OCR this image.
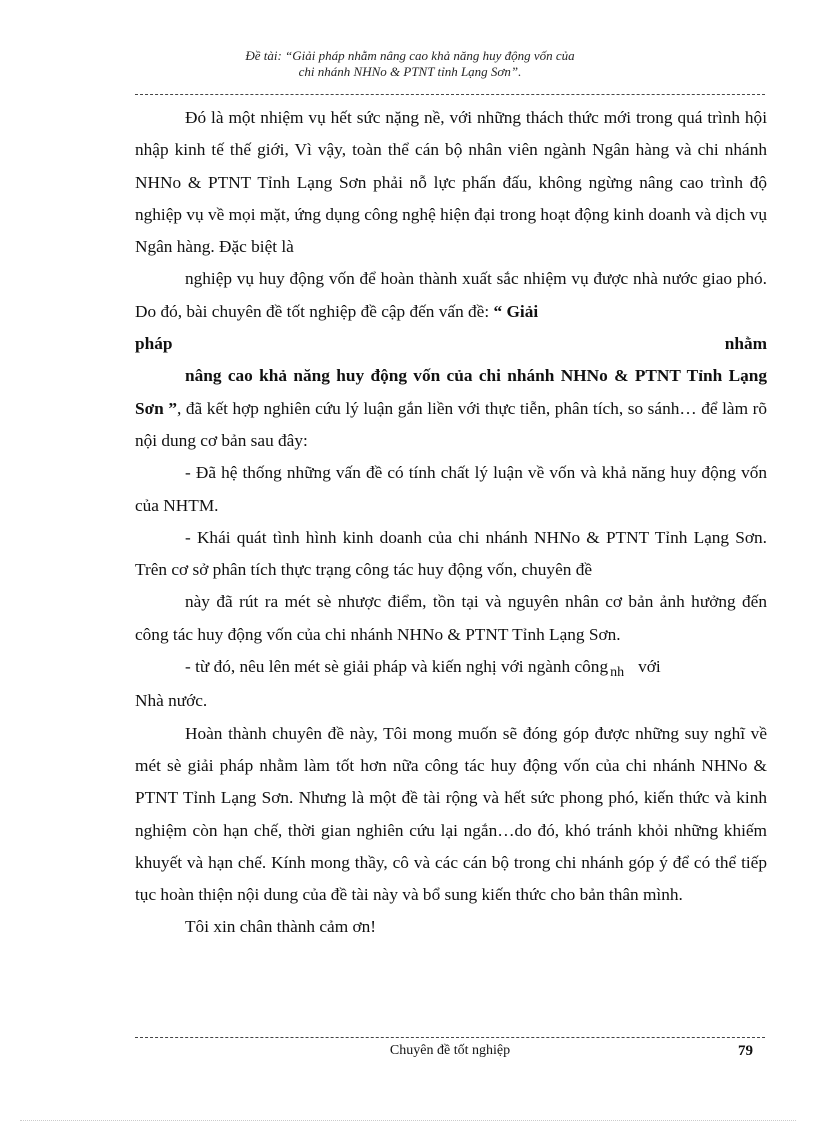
Đề tài: “Giải pháp nhằm nâng cao khả năng huy động vốn của
chi nhánh NHNo & PTNT tỉnh Lạng Sơn”.

Đó là một nhiệm vụ hết sức nặng nề, với những thách thức mới trong quá trình hội nhập kinh tế thế giới, Vì vậy, toàn thể cán bộ nhân viên ngành Ngân hàng và chi nhánh NHNo & PTNT Tỉnh Lạng Sơn phải nỗ lực phấn đấu, không ngừng nâng cao trình độ nghiệp vụ về mọi mặt, ứng dụng công nghệ hiện đại trong hoạt động kinh doanh và dịch vụ Ngân hàng. Đặc biệt là

nghiệp vụ huy động vốn để hoàn thành xuất sắc nhiệm vụ được nhà nước giao phó. Do đó, bài chuyên đề tốt nghiệp đề cập đến vấn đề: “ Giải

pháp	nhằm

nâng cao khả năng huy động vốn của chi nhánh NHNo & PTNT Tỉnh Lạng Sơn ”, đã kết hợp nghiên cứu lý luận gắn liền với thực tiễn, phân tích, so sánh… để làm rõ nội dung cơ bản sau đây:

- Đã hệ thống những vấn đề có tính chất lý luận về vốn và khả năng huy động vốn của NHTM.

- Khái quát tình hình kinh doanh của chi nhánh NHNo & PTNT Tỉnh Lạng Sơn. Trên cơ sở phân tích thực trạng công tác huy động vốn, chuyên đề

này đã rút ra mét sè nhược điểm, tồn tại và nguyên nhân cơ bản ảnh hưởng đến công tác huy động vốn của chi nhánh NHNo & PTNT Tỉnh Lạng Sơn.

- từ đó, nêu lên mét sè giải pháp và kiến nghị với ngành công $_{nh}$ với

Nhà nước.

Hoàn thành chuyên đề này, Tôi mong muốn sẽ đóng góp được những suy nghĩ về mét sè giải pháp nhằm làm tốt hơn nữa công tác huy động vốn của chi nhánh NHNo & PTNT Tỉnh Lạng Sơn. Nhưng là một đề tài rộng và hết sức phong phó, kiến thức và kinh nghiệm còn hạn chế, thời gian nghiên cứu lại ngắn…do đó, khó tránh khỏi những khiếm khuyết và hạn chế. Kính mong thầy, cô và các cán bộ trong chi nhánh góp ý để có thể tiếp tục hoàn thiện nội dung của đề tài này và bổ sung kiến thức cho bản thân mình.

Tôi xin chân thành cảm ơn!

Chuyên đề tốt nghiệp	79
